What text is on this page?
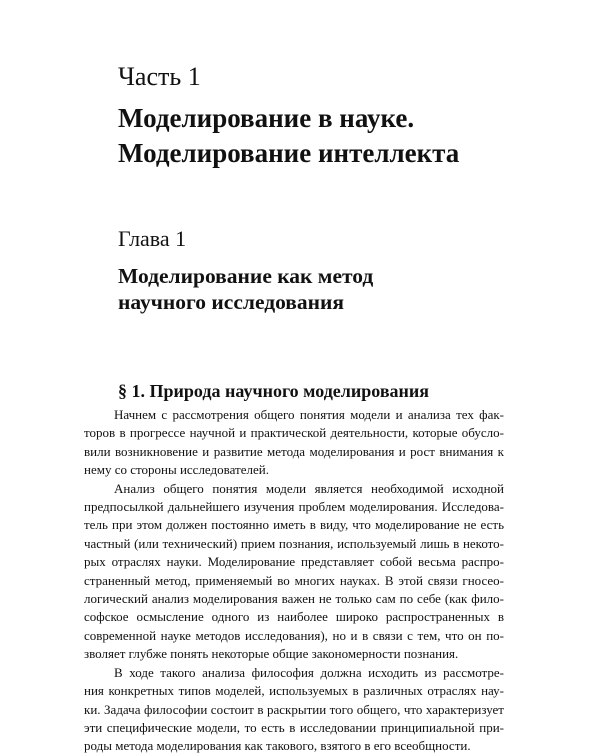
Часть 1
Моделирование в науке.
Моделирование интеллекта
Глава 1
Моделирование как метод
научного исследования
§ 1. Природа научного моделирования

Начнем с рассмотрения общего понятия модели и анализа тех фак-
торов в прогрессе научной и практической деятельности, которые обусло-
вили возникновение и развитие метода моделирования и рост внимания к
нему со стороны исследователей.

Анализ общего понятия модели является необходимой исходной
предпосылкой дальнейшего изучения проблем моделирования. Исследова-
тель при этом должен постоянно иметь в виду, что моделирование не есть
частный (или технический) прием познания, используемый лишь в некото-
рых отраслях науки. Моделирование представляет собой весьма распро-
страненный метод, применяемый во многих науках. В этой связи гносео-
логический анализ моделирования важен не только сам по себе (как фило-
софское осмысление одного из наиболее широко распространенных в
современной науке методов исследования), но и в связи с тем, что он по-
зволяет глубже понять некоторые общие закономерности познания.

В ходе такого анализа философия должна исходить из рассмотре-
ния конкретных типов моделей, используемых в различных отраслях нау-
ки. Задача философии состоит в раскрытии того общего, что характеризует
эти специфические модели, то есть в исследовании принципиальной при-
роды метода моделирования как такового, взятого в его всеобщности.
